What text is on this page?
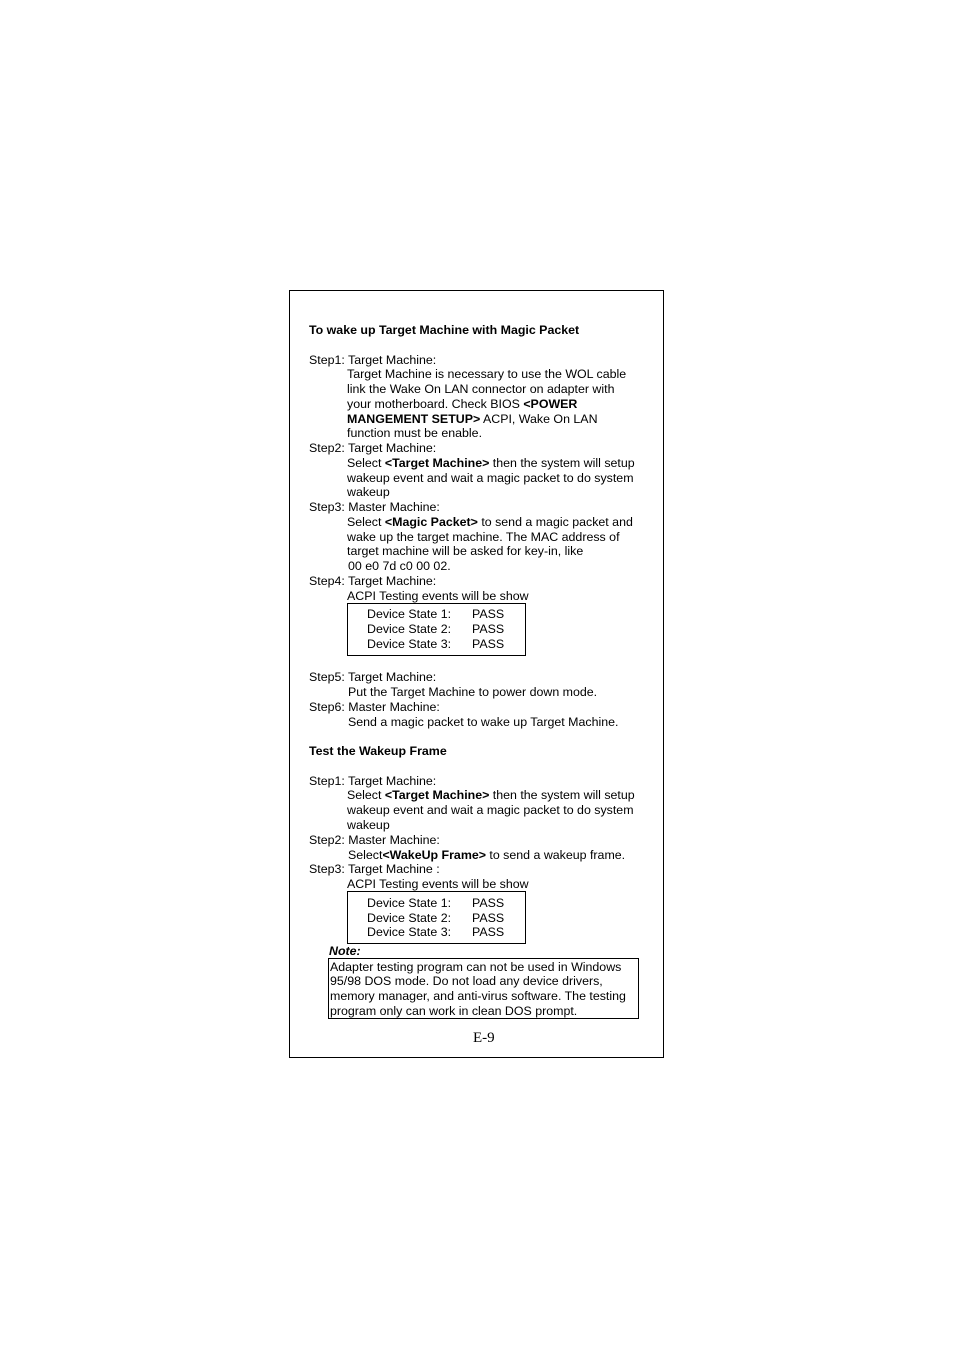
To wake up Target Machine with Magic Packet
Step1: Target Machine:
Target Machine is necessary to use the WOL cable
link the Wake On LAN connector on adapter with
your motherboard. Check BIOS <POWER
MANGEMENT SETUP> ACPI, Wake On LAN
function must be enable.
Step2: Target Machine:
Select <Target Machine> then the system will setup
wakeup event and wait a magic packet to do system
wakeup
Step3: Master Machine:
Select <Magic Packet> to send a magic packet and
wake up the target machine. The MAC address of
target machine will be asked for key-in, like
00 e0 7d c0 00 02.
Step4: Target Machine:
ACPI Testing events will be show
Device State 1: PASS
Device State 2: PASS
Device State 3: PASS
Step5: Target Machine:
Put the Target Machine to power down mode.
Step6: Master Machine:
Send a magic packet to wake up Target Machine.
Test the Wakeup Frame
Step1: Target Machine:
Select <Target Machine> then the system will setup
wakeup event and wait a magic packet to do system
wakeup
Step2: Master Machine:
Select<WakeUp Frame> to send a wakeup frame.
Step3: Target Machine :
ACPI Testing events will be show
Device State 1: PASS
Device State 2: PASS
Device State 3: PASS
Note:
Adapter testing program can not be used in Windows
95/98 DOS mode. Do not load any device drivers,
memory manager, and anti-virus software. The testing
program only can work in clean DOS prompt.
E-9
